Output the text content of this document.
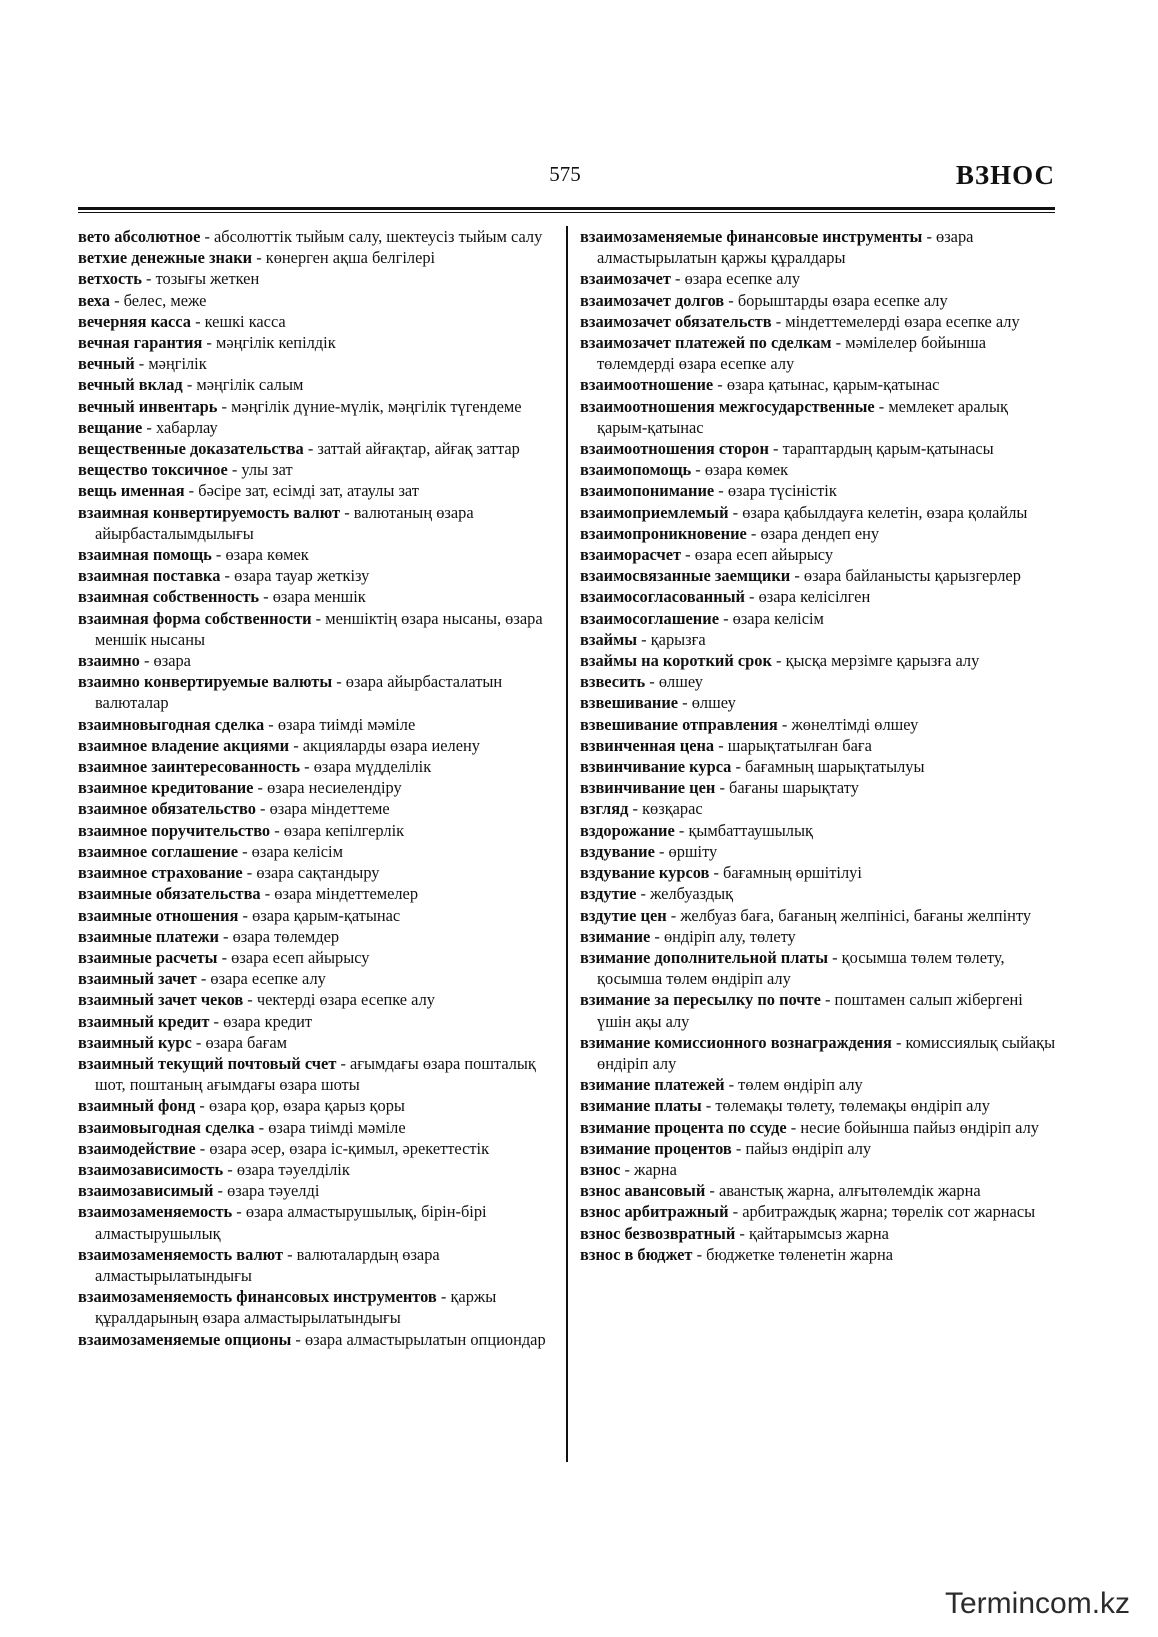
575	ВЗНОС
вето абсолютное - абсолюттік тыйым салу, шектеусіз тыйым салу
ветхие денежные знаки - көнерген ақша белгілері
ветхость - тозығы жеткен
веха - белес, меже
вечерняя касса - кешкі касса
вечная гарантия - мәңгілік кепілдік
вечный - мәңгілік
вечный вклад - мәңгілік салым
вечный инвентарь - мәңгілік дүние-мүлік, мәңгілік түгендеме
вещание - хабарлау
вещественные доказательства - заттай айғақтар, айғақ заттар
вещество токсичное - улы зат
вещь именная - бәсіре зат, есімді зат, атаулы зат
взаимная конвертируемость валют - валютаның өзара айырбасталымдылығы
взаимная помощь - өзара көмек
взаимная поставка - өзара тауар жеткізу
взаимная собственность - өзара меншік
взаимная форма собственности - меншіктің өзара нысаны, өзара меншік нысаны
взаимно - өзара
взаимно конвертируемые валюты - өзара айырбасталатын валюталар
взаимновыгодная сделка - өзара тиімді мәміле
взаимное владение акциями - акцияларды өзара иелену
взаимное заинтересованность - өзара мүдделілік
взаимное кредитование - өзара несиелендіру
взаимное обязательство - өзара міндеттеме
взаимное поручительство - өзара кепілгерлік
взаимное соглашение - өзара келісім
взаимное страхование - өзара сақтандыру
взаимные обязательства - өзара міндеттемелер
взаимные отношения - өзара қарым-қатынас
взаимные платежи - өзара төлемдер
взаимные расчеты - өзара есеп айырысу
взаимный зачет - өзара есепке алу
взаимный зачет чеков - чектерді өзара есепке алу
взаимный кредит - өзара кредит
взаимный курс - өзара бағам
взаимный текущий почтовый счет - ағымдағы өзара пошталық шот, поштаның ағымдағы өзара шоты
взаимный фонд - өзара қор, өзара қарыз қоры
взаимовыгодная сделка - өзара тиімді мәміле
взаимодействие - өзара әсер, өзара іс-қимыл, әрекеттестік
взаимозависимость - өзара тәуелділік
взаимозависимый - өзара тәуелді
взаимозаменяемость - өзара алмастырушылық, бірін-бірі алмастырушылық
взаимозаменяемость валют - валюталардың өзара алмастырылатындығы
взаимозаменяемость финансовых инструментов - қаржы құралдарының өзара алмастырылатындығы
взаимозаменяемые опционы - өзара алмастырылатын опциондар
взаимозаменяемые финансовые инструменты - өзара алмастырылатын қаржы құралдары
взаимозачет - өзара есепке алу
взаимозачет долгов - борыштарды өзара есепке алу
взаимозачет обязательств - міндеттемелерді өзара есепке алу
взаимозачет платежей по сделкам - мәмілелер бойынша төлемдерді өзара есепке алу
взаимоотношение - өзара қатынас, қарым-қатынас
взаимоотношения межгосударственные - мемлекет аралық қарым-қатынас
взаимоотношения сторон - тараптардың қарым-қатынасы
взаимопомощь - өзара көмек
взаимопонимание - өзара түсіністік
взаимоприемлемый - өзара қабылдауға келетін, өзара қолайлы
взаимопроникновение - өзара дендеп ену
взаиморасчет - өзара есеп айырысу
взаимосвязанные заемщики - өзара байланысты қарызгерлер
взаимосогласованный - өзара келісілген
взаимосоглашение - өзара келісім
взаймы - қарызға
взаймы на короткий срок - қысқа мерзімге қарызға алу
взвесить - өлшеу
взвешивание - өлшеу
взвешивание отправления - жөнелтімді өлшеу
взвинченная цена - шарықтатылған баға
взвинчивание курса - бағамның шарықтатылуы
взвинчивание цен - бағаны шарықтату
взгляд - көзқарас
вздорожание - қымбаттаушылық
вздувание - өршіту
вздувание курсов - бағамның өршітілуі
вздутие - желбуаздық
вздутие цен - желбуаз баға, бағаның желпінісі, бағаны желпінту
взимание - өндіріп алу, төлету
взимание дополнительной платы - қосымша төлем төлету, қосымша төлем өндіріп алу
взимание за пересылку по почте - поштамен салып жібергені үшін ақы алу
взимание комиссионного вознаграждения - комиссиялық сыйақы өндіріп алу
взимание платежей - төлем өндіріп алу
взимание платы - төлемақы төлету, төлемақы өндіріп алу
взимание процента по ссуде - несие бойынша пайыз өндіріп алу
взимание процентов - пайыз өндіріп алу
взнос - жарна
взнос авансовый - аванстық жарна, алғытөлемдік жарна
взнос арбитражный - арбитраждық жарна; төрелік сот жарнасы
взнос безвозвратный - қайтарымсыз жарна
взнос в бюджет - бюджетке төленетін жарна
Termincom.kz
